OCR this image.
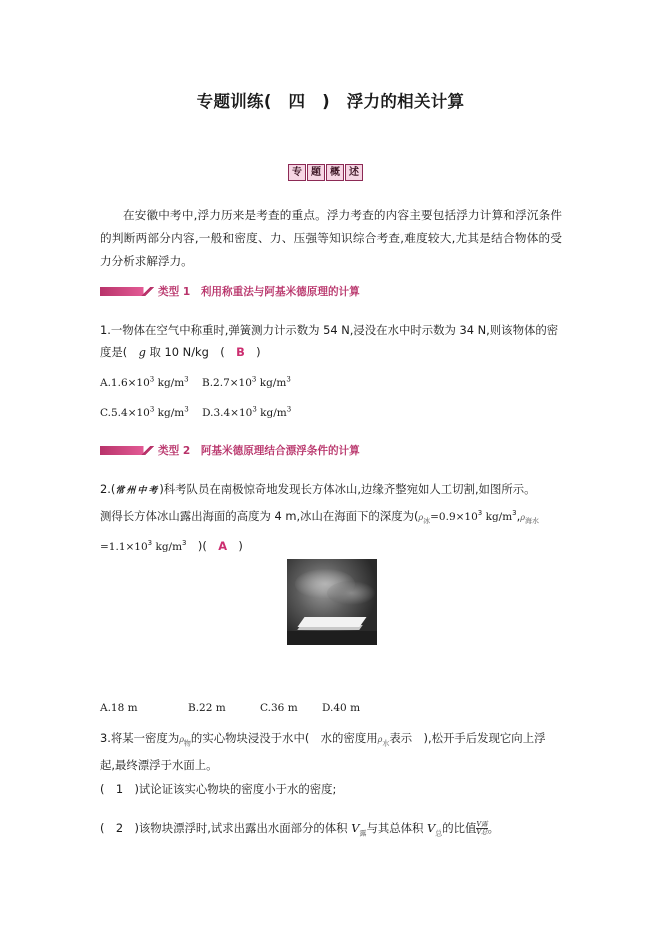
专题训练(　四　)　浮力的相关计算
专 题 概 述
在安徽中考中,浮力历来是考查的重点。浮力考查的内容主要包括浮力计算和浮沉条件的判断两部分内容,一般和密度、力、压强等知识综合考查,难度较大,尤其是结合物体的受力分析求解浮力。
类型 1　利用称重法与阿基米德原理的计算
1.一物体在空气中称重时,弹簧测力计示数为 54 N,浸没在水中时示数为 34 N,则该物体的密
度是(　g 取 10 N/kg　(　B　)
$A.1.6\times 10^3$ $kg/m^3$ $B.2.7\times 10^3$ $kg/m^3$
$C.5.4\times 10^3$ $kg/m^3$ $D.3.4\times 10^3$ $kg/m^3$
类型 2　阿基米德原理结合漂浮条件的计算
2.(常州中考)科考队员在南极惊奇地发现长方体冰山,边缘齐整宛如人工切割,如图所示。
测得长方体冰山露出海面的高度为 4 m,冰山在海面下的深度为($\rho_冰=0.9\times 10^3$ $kg/m^3,\rho_{海水}$
$=1.1\times 10^3$ $kg/m^3$　)(　A　)
A.18 m	B.22 m	C.36 m D.40 m
3.将某一密度为$\rho_物$的实心物块浸没于水中(　水的密度用$\rho_水$表示　),松开手后发现它向上浮
起,最终漂浮于水面上。
(　1　)试论证该实心物块的密度小于水的密度;
(　2　)该物块漂浮时,试求出露出水面部分的体积 $V_露$与其总体积 $V_总$的比值 $\frac{\text{V露}}{\text{V总}}$ 。
